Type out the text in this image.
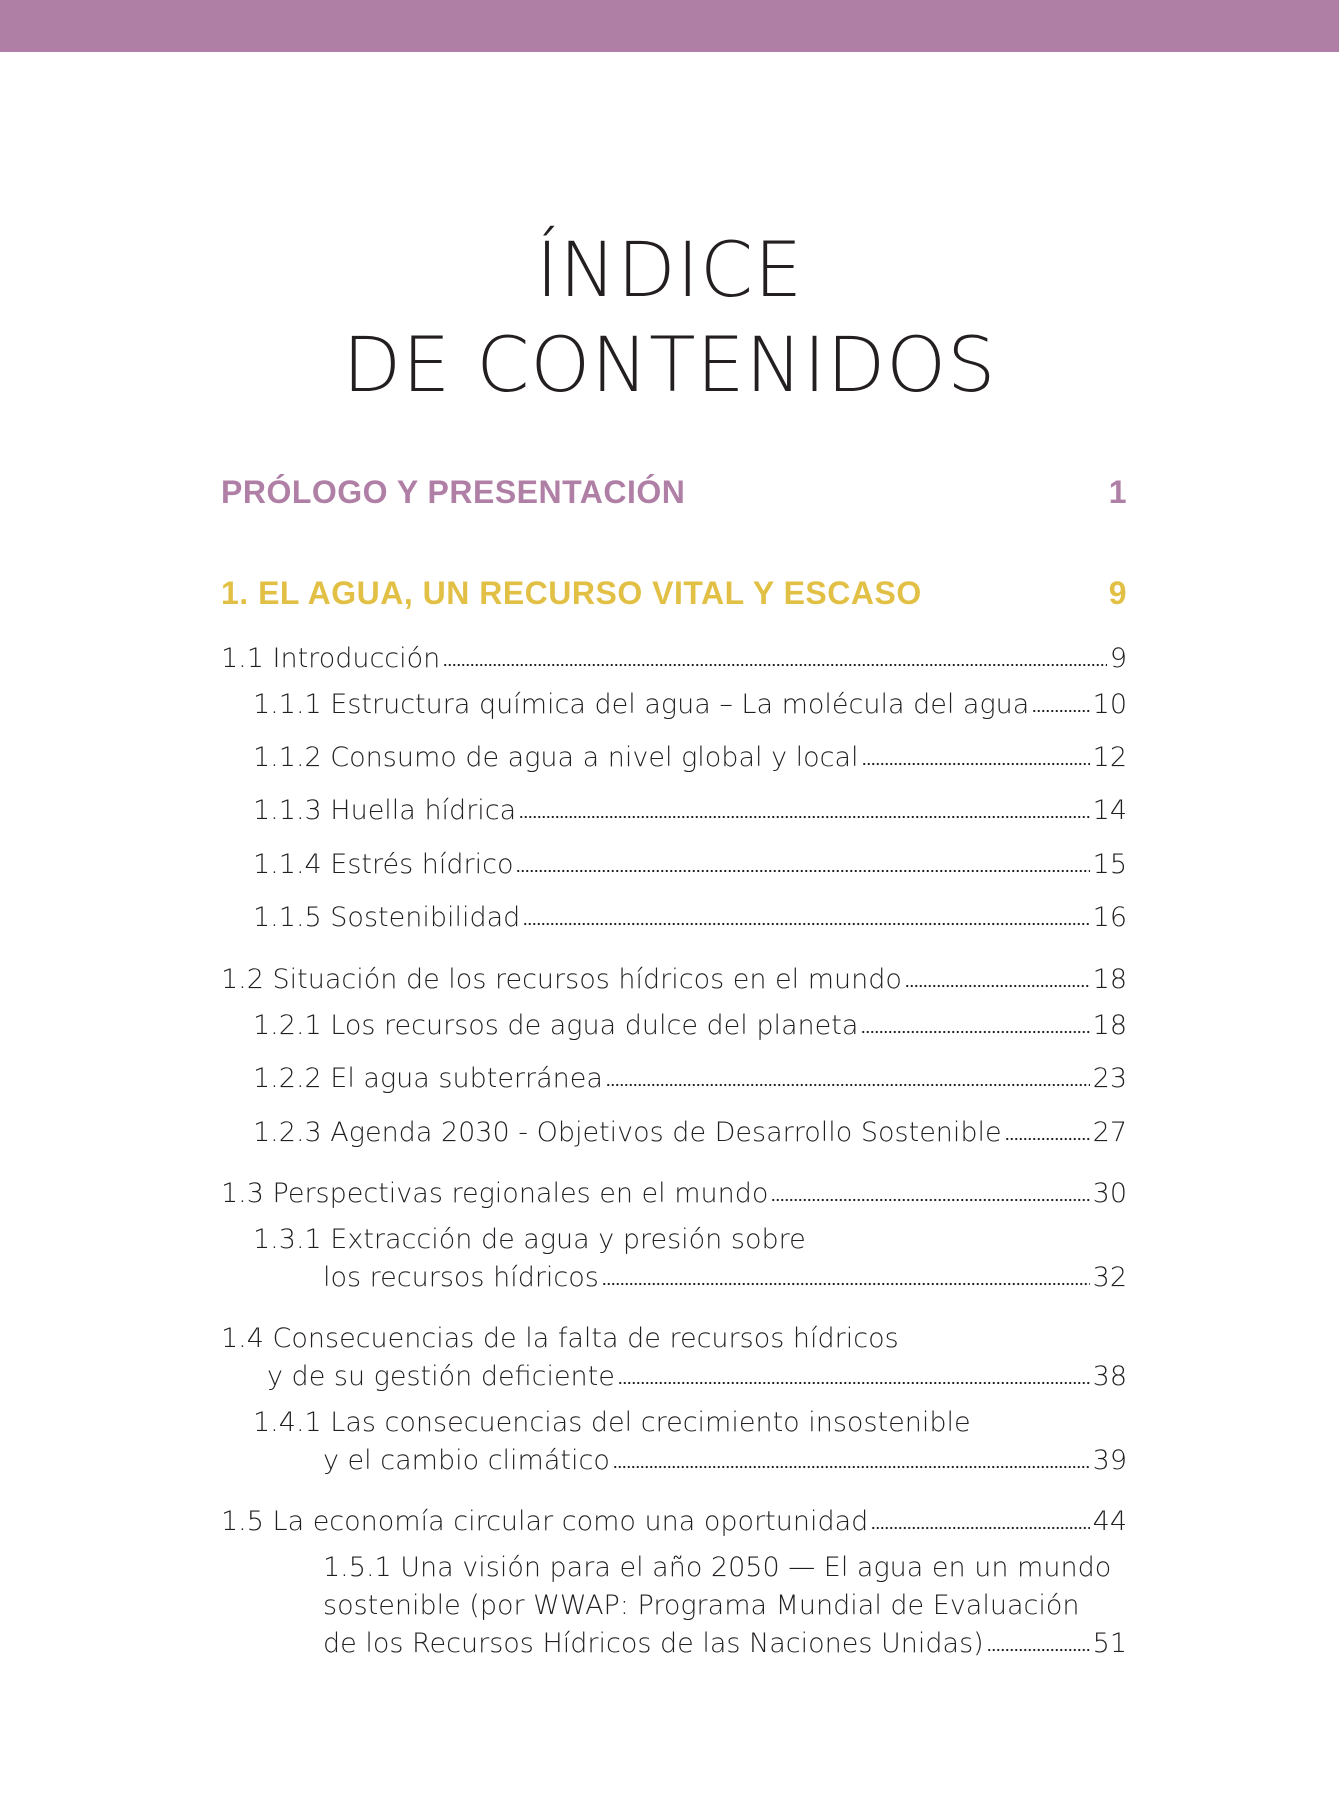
ÍNDICE
DE CONTENIDOS
PRÓLOGO Y PRESENTACIÓN	1
1. EL AGUA, UN RECURSO VITAL Y ESCASO	9
1.1 Introducción	9
1.1.1 Estructura química del agua – La molécula del agua 10
1.1.2 Consumo de agua a nivel global y local	12
1.1.3 Huella hídrica	14
1.1.4 Estrés hídrico	15
1.1.5 Sostenibilidad	16
1.2 Situación de los recursos hídricos en el mundo	18
1.2.1 Los recursos de agua dulce del planeta	18
1.2.2 El agua subterránea	23
1.2.3 Agenda 2030 - Objetivos de Desarrollo Sostenible	27
1.3 Perspectivas regionales en el mundo	30
1.3.1 Extracción de agua y presión sobre
los recursos hídricos	32
1.4 Consecuencias de la falta de recursos hídricos
y de su gestión deficiente	38
1.4.1 Las consecuencias del crecimiento insostenible
y el cambio climático	39
1.5 La economía circular como una oportunidad	44
1.5.1 Una visión para el año 2050 — El agua en un mundo
sostenible (por WWAP: Programa Mundial de Evaluación
de los Recursos Hídricos de las Naciones Unidas)	51
